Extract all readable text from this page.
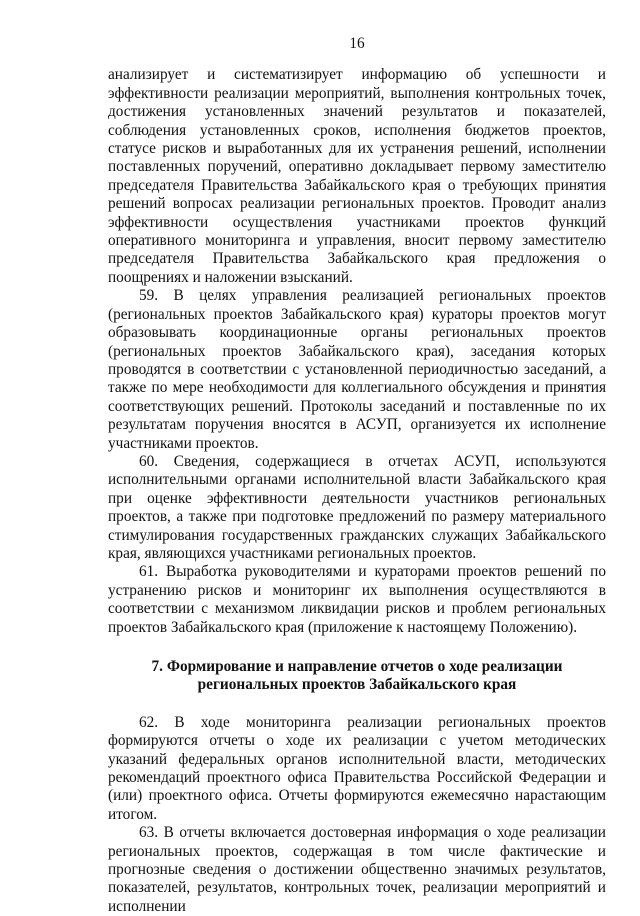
16

анализирует и систематизирует информацию об успешности и эффективности реализации мероприятий, выполнения контрольных точек, достижения установленных значений результатов и показателей, соблюдения установленных сроков, исполнения бюджетов проектов, статусе рисков и выработанных для их устранения решений, исполнении поставленных поручений, оперативно докладывает первому заместителю председателя Правительства Забайкальского края о требующих принятия решений вопросах реализации региональных проектов. Проводит анализ эффективности осуществления участниками проектов функций оперативного мониторинга и управления, вносит первому заместителю председателя Правительства Забайкальского края предложения о поощрениях и наложении взысканий.

59. В целях управления реализацией региональных проектов (региональных проектов Забайкальского края) кураторы проектов могут образовывать координационные органы региональных проектов (региональных проектов Забайкальского края), заседания которых проводятся в соответствии с установленной периодичностью заседаний, а также по мере необходимости для коллегиального обсуждения и принятия соответствующих решений. Протоколы заседаний и поставленные по их результатам поручения вносятся в АСУП, организуется их исполнение участниками проектов.

60. Сведения, содержащиеся в отчетах АСУП, используются исполнительными органами исполнительной власти Забайкальского края при оценке эффективности деятельности участников региональных проектов, а также при подготовке предложений по размеру материального стимулирования государственных гражданских служащих Забайкальского края, являющихся участниками региональных проектов.

61. Выработка руководителями и кураторами проектов решений по устранению рисков и мониторинг их выполнения осуществляются в соответствии с механизмом ликвидации рисков и проблем региональных проектов Забайкальского края (приложение к настоящему Положению).

7. Формирование и направление отчетов о ходе реализации
региональных проектов Забайкальского края

62. В ходе мониторинга реализации региональных проектов формируются отчеты о ходе их реализации с учетом методических указаний федеральных органов исполнительной власти, методических рекомендаций проектного офиса Правительства Российской Федерации и (или) проектного офиса. Отчеты формируются ежемесячно нарастающим итогом.

63. В отчеты включается достоверная информация о ходе реализации региональных проектов, содержащая в том числе фактические и прогнозные сведения о достижении общественно значимых результатов, показателей, результатов, контрольных точек, реализации мероприятий и исполнении
